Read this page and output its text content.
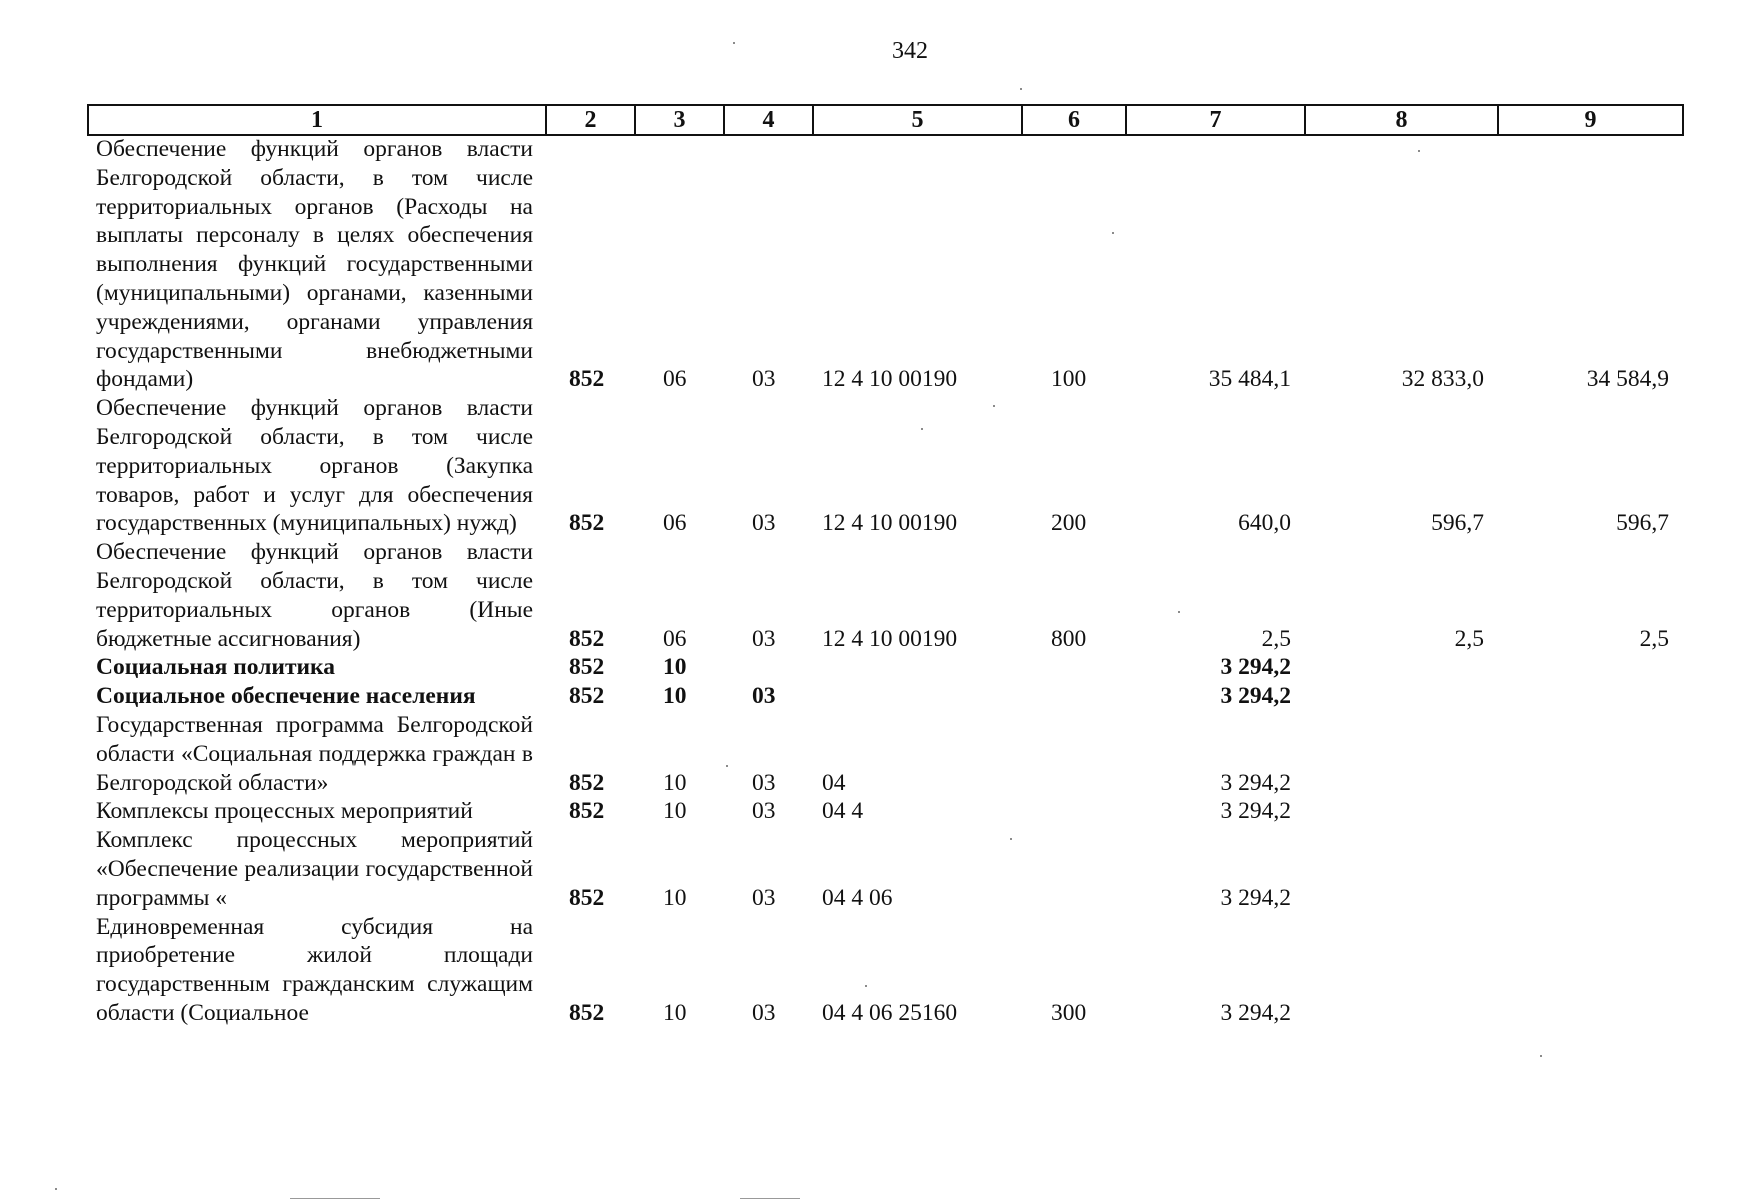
342
1	2	3	4	5	6	7	8	9
Обеспечение функций органов власти Белгородской области, в том числе территориальных органов (Расходы на выплаты персоналу в целях обеспечения выполнения функций государственными (муниципальными) органами, казенными учреждениями, органами управления государственными внебюджетными фондами)	852	06	03	12 4 10 00190	100	35 484,1	32 833,0	34 584,9
Обеспечение функций органов власти Белгородской области, в том числе территориальных органов (Закупка товаров, работ и услуг для обеспечения государственных (муниципальных) нужд)	852	06	03	12 4 10 00190	200	640,0	596,7	596,7
Обеспечение функций органов власти Белгородской области, в том числе территориальных органов (Иные бюджетные ассигнования)	852	06	03	12 4 10 00190	800	2,5	2,5	2,5
Социальная политика	852	10				3 294,2		
Социальное обеспечение населения	852	10	03			3 294,2		
Государственная программа Белгородской области «Социальная поддержка граждан в Белгородской области»	852	10	03	04		3 294,2		
Комплексы процессных мероприятий	852	10	03	04 4		3 294,2		
Комплекс процессных мероприятий «Обеспечение реализации государственной программы «	852	10	03	04 4 06		3 294,2		
Единовременная субсидия на приобретение жилой площади государственным гражданским служащим области (Социальное	852	10	03	04 4 06 25160	300	3 294,2		
